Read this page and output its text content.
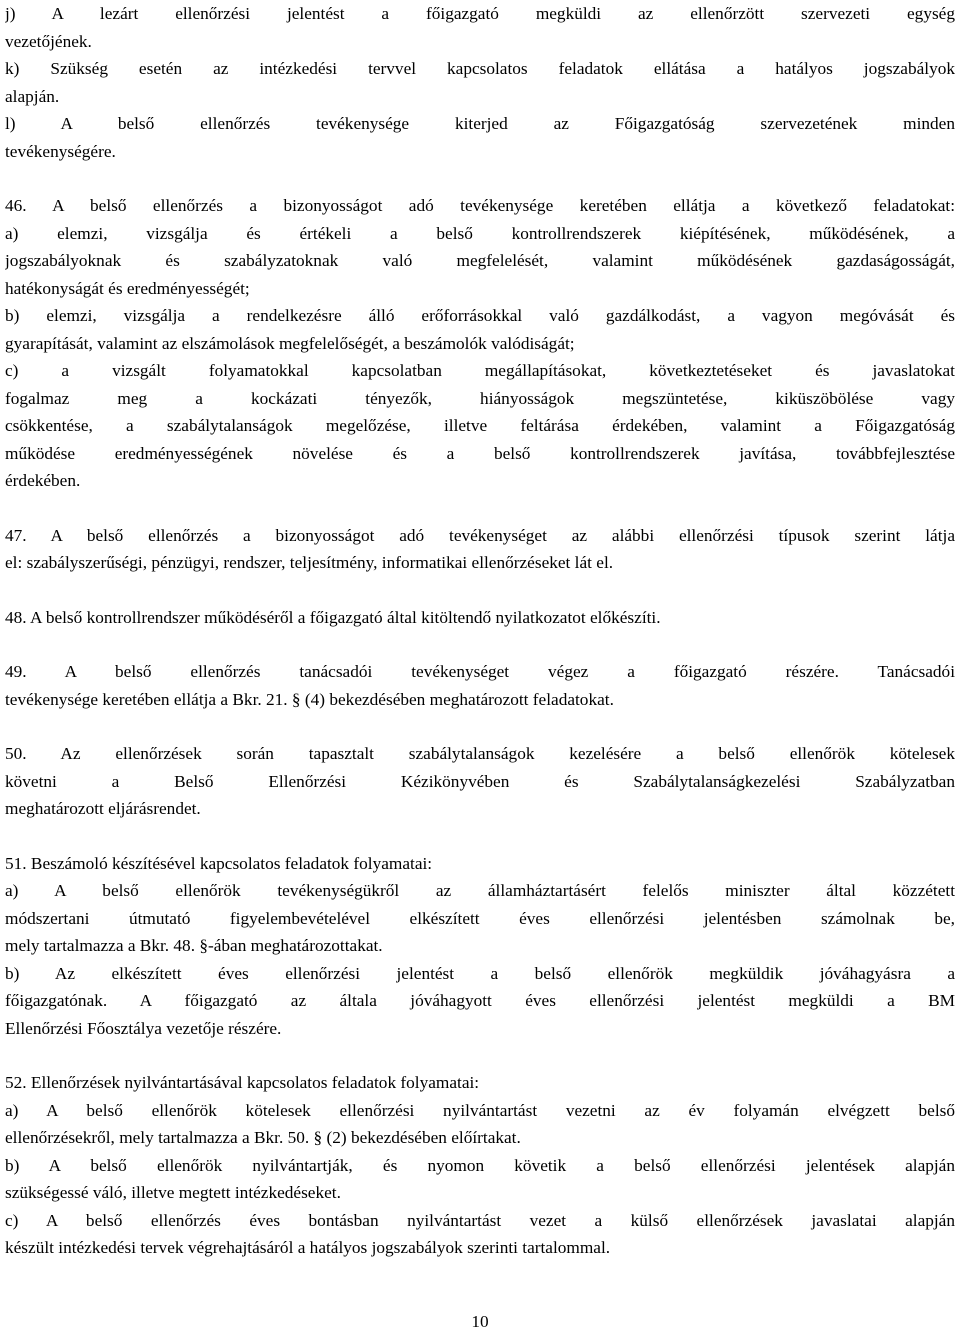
j) A lezárt ellenőrzési jelentést a főigazgató megküldi az ellenőrzött szervezeti egység
vezetőjének.
k) Szükség esetén az intézkedési tervvel kapcsolatos feladatok ellátása a hatályos jogszabályok
alapján.
l) A belső ellenőrzés tevékenysége kiterjed az Főigazgatóság szervezetének minden
tevékenységére.
46. A belső ellenőrzés a bizonyosságot adó tevékenysége keretében ellátja a következő feladatokat:
a) elemzi, vizsgálja és értékeli a belső kontrollrendszerek kiépítésének, működésének, a
jogszabályoknak és szabályzatoknak való megfelelését, valamint működésének gazdaságosságát,
hatékonyságát és eredményességét;
b) elemzi, vizsgálja a rendelkezésre álló erőforrásokkal való gazdálkodást, a vagyon megóvását és
gyarapítását, valamint az elszámolások megfelelőségét, a beszámolók valódiságát;
c) a vizsgált folyamatokkal kapcsolatban megállapításokat, következtetéseket és javaslatokat
fogalmaz meg a kockázati tényezők, hiányosságok megszüntetése, kiküszöbölése vagy
csökkentése, a szabálytalanságok megelőzése, illetve feltárása érdekében, valamint a Főigazgatóság
működése eredményességének növelése és a belső kontrollrendszerek javítása, továbbfejlesztése
érdekében.
47. A belső ellenőrzés a bizonyosságot adó tevékenységet az alábbi ellenőrzési típusok szerint látja
el: szabályszerűségi, pénzügyi, rendszer, teljesítmény, informatikai ellenőrzéseket lát el.
48. A belső kontrollrendszer működéséről a főigazgató által kitöltendő nyilatkozatot előkészíti.
49. A belső ellenőrzés tanácsadói tevékenységet végez a főigazgató részére. Tanácsadói
tevékenysége keretében ellátja a Bkr. 21. § (4) bekezdésében meghatározott feladatokat.
50. Az ellenőrzések során tapasztalt szabálytalanságok kezelésére a belső ellenőrök kötelesek
követni a Belső Ellenőrzési Kézikönyvében és Szabálytalanságkezelési Szabályzatban
meghatározott eljárásrendet.
51. Beszámoló készítésével kapcsolatos feladatok folyamatai:
a) A belső ellenőrök tevékenységükről az államháztartásért felelős miniszter által közzétett
módszertani útmutató figyelembevételével elkészített éves ellenőrzési jelentésben számolnak be,
mely tartalmazza a Bkr. 48. §-ában meghatározottakat.
b) Az elkészített éves ellenőrzési jelentést a belső ellenőrök megküldik jóváhagyásra a
főigazgatónak. A főigazgató az általa jóváhagyott éves ellenőrzési jelentést megküldi a BM
Ellenőrzési Főosztálya vezetője részére.
52. Ellenőrzések nyilvántartásával kapcsolatos feladatok folyamatai:
a) A belső ellenőrök kötelesek ellenőrzési nyilvántartást vezetni az év folyamán elvégzett belső
ellenőrzésekről, mely tartalmazza a Bkr. 50. § (2) bekezdésében előírtakat.
b) A belső ellenőrök nyilvántartják, és nyomon követik a belső ellenőrzési jelentések alapján
szükségessé váló, illetve megtett intézkedéseket.
c) A belső ellenőrzés éves bontásban nyilvántartást vezet a külső ellenőrzések javaslatai alapján
készült intézkedési tervek végrehajtásáról a hatályos jogszabályok szerinti tartalommal.
10
